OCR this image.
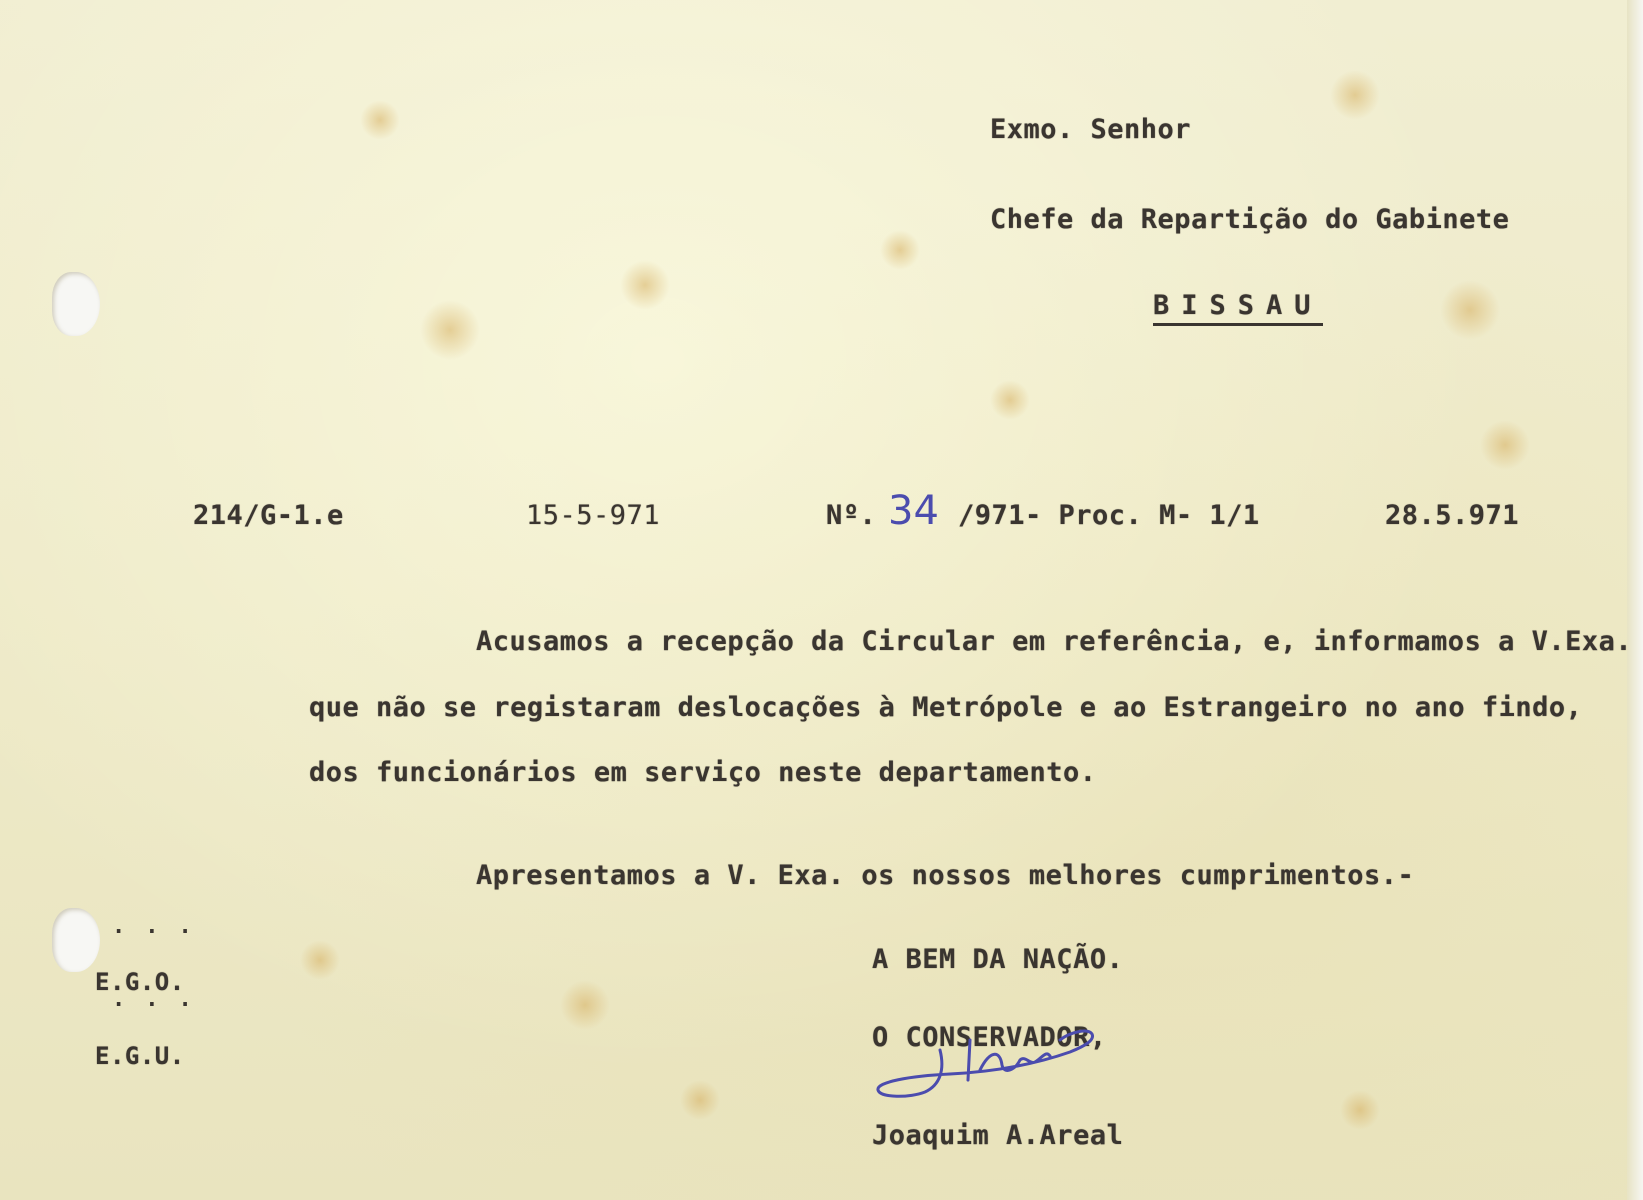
Exmo. Senhor
Chefe da Repartição do Gabinete
BISSAU
214/G-1.e	15-5-971	Nº. 34 /971- Proc. M- 1/1	28.5.971
Acusamos a recepção da Circular em referência, e, informamos a V.Exa.
que não se registaram deslocações à Metrópole e ao Estrangeiro no ano findo,
dos funcionários em serviço neste departamento.
Apresentamos a V. Exa. os nossos melhores cumprimentos.-
···
E.G.O.
···
E.G.U.
A BEM DA NAÇÃO.
O CONSERVADOR,
Joaquim A.Areal
